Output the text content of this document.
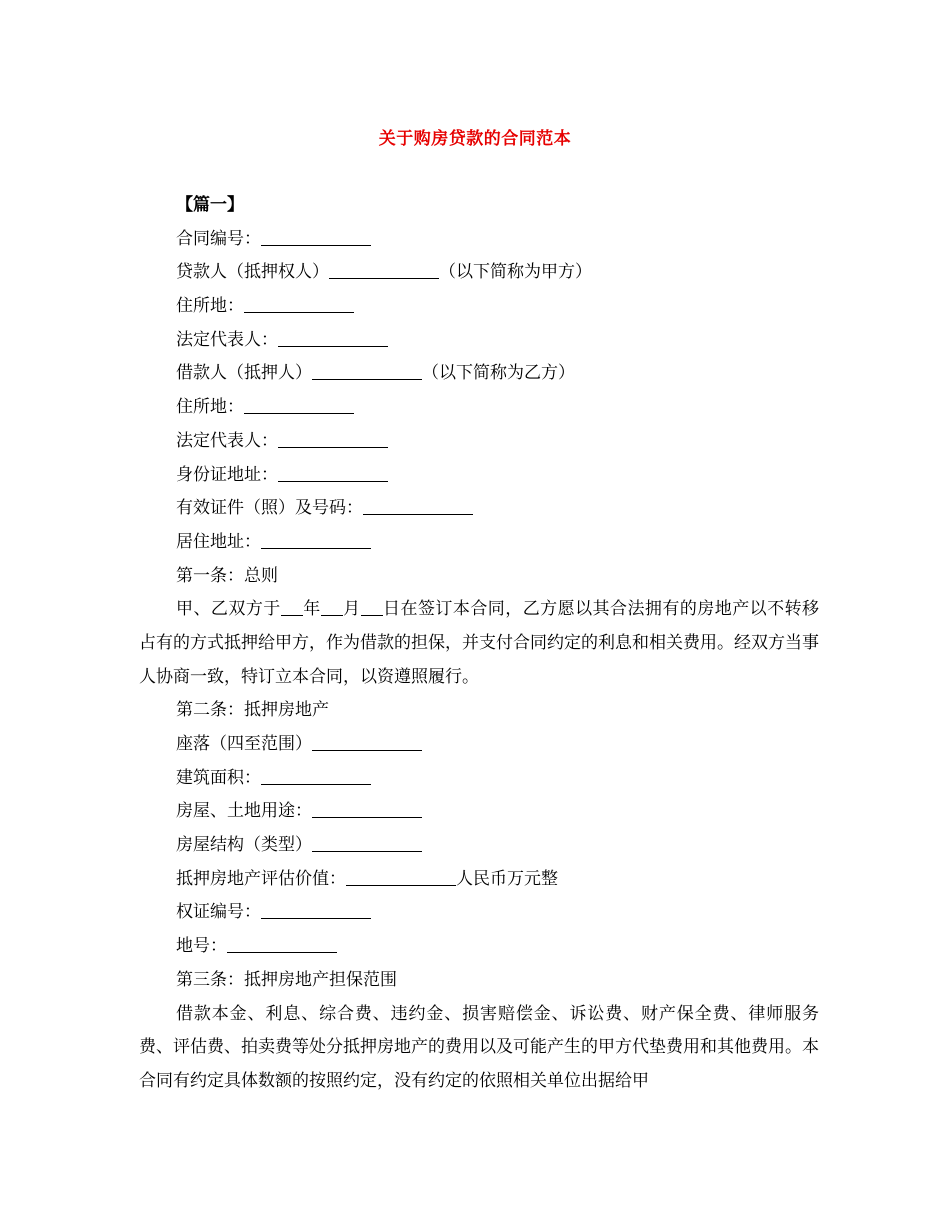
关于购房贷款的合同范本
【篇一】
合同编号：
贷款人（抵押权人）	（以下简称为甲方）
住所地：
法定代表人：
借款人（抵押人）	（以下简称为乙方）
住所地：
法定代表人：
身份证地址：
有效证件（照）及号码：
居住地址：
第一条：总则

甲、乙双方于 年 月 日在签订本合同，乙方愿以其合法拥有的房地产以不转移占有的方式抵押给甲方，作为借款的担保，并支付合同约定的利息和相关费用。经双方当事人协商一致，特订立本合同，以资遵照履行。

第二条：抵押房地产
座落（四至范围）
建筑面积：
房屋、土地用途：
房屋结构（类型）
抵押房地产评估价值：	人民币万元整
权证编号：
地号：
第三条：抵押房地产担保范围

借款本金、利息、综合费、违约金、损害赔偿金、诉讼费、财产保全费、律师服务费、评估费、拍卖费等处分抵押房地产的费用以及可能产生的甲方代垫费用和其他费用。本合同有约定具体数额的按照约定，没有约定的依照相关单位出据给甲
